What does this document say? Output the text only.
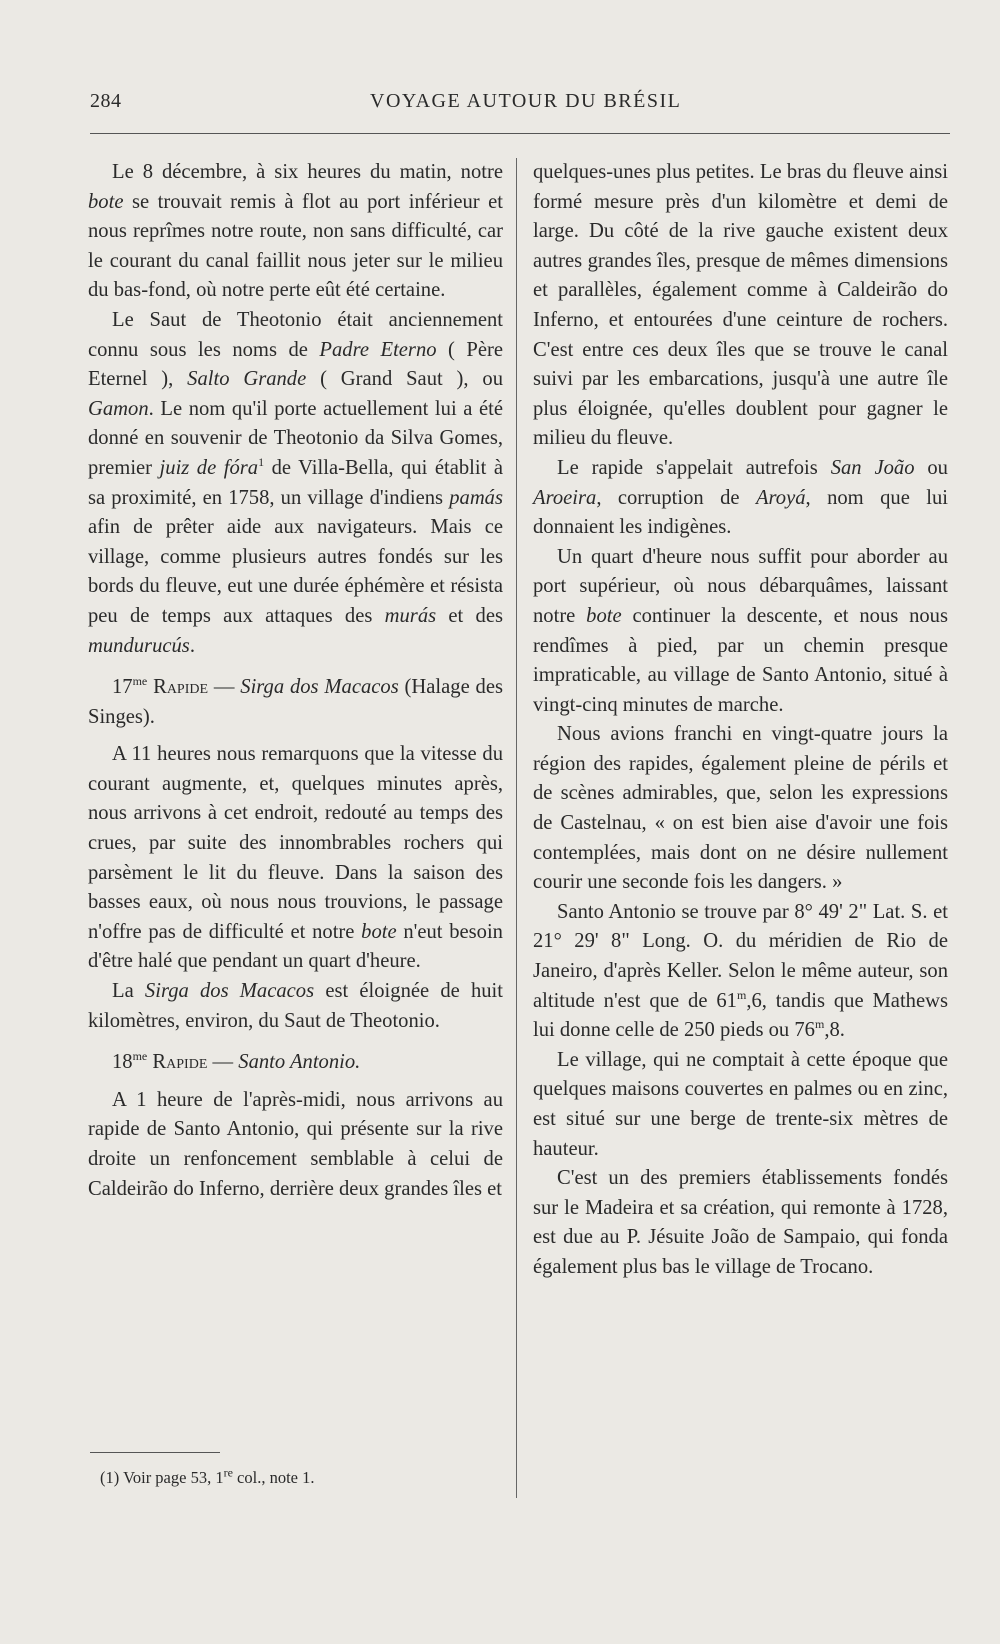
284	VOYAGE AUTOUR DU BRÉSIL

Le 8 décembre, à six heures du matin, notre bote se trouvait remis à flot au port inférieur et nous reprîmes notre route, non sans difficulté, car le courant du canal faillit nous jeter sur le milieu du bas-fond, où notre perte eût été certaine.

Le Saut de Theotonio était anciennement connu sous les noms de Padre Eterno ( Père Eternel ), Salto Grande ( Grand Saut ), ou Gamon. Le nom qu'il porte actuellement lui a été donné en souvenir de Theotonio da Silva Gomes, premier juiz de fóra$^1$ de Villa-Bella, qui établit à sa proximité, en 1758, un village d'indiens pamás afin de prêter aide aux navigateurs. Mais ce village, comme plusieurs autres fondés sur les bords du fleuve, eut une durée éphémère et résista peu de temps aux attaques des murás et des mundurucús.

$17^{me}$ Rapide — Sirga dos Macacos (Halage des Singes).

A 11 heures nous remarquons que la vitesse du courant augmente, et, quelques minutes après, nous arrivons à cet endroit, redouté au temps des crues, par suite des innombrables rochers qui parsèment le lit du fleuve. Dans la saison des basses eaux, où nous nous trouvions, le passage n'offre pas de difficulté et notre bote n'eut besoin d'être halé que pendant un quart d'heure.

La Sirga dos Macacos est éloignée de huit kilomètres, environ, du Saut de Theotonio.

$18^{me}$ Rapide — Santo Antonio.

A 1 heure de l'après-midi, nous arrivons au rapide de Santo Antonio, qui présente sur la rive droite un renfoncement semblable à celui de Caldeirão do Inferno, derrière deux grandes îles et

quelques-unes plus petites. Le bras du fleuve ainsi formé mesure près d'un kilomètre et demi de large. Du côté de la rive gauche existent deux autres grandes îles, presque de mêmes dimensions et parallèles, également comme à Caldeirão do Inferno, et entourées d'une ceinture de rochers. C'est entre ces deux îles que se trouve le canal suivi par les embarcations, jusqu'à une autre île plus éloignée, qu'elles doublent pour gagner le milieu du fleuve.

Le rapide s'appelait autrefois San João ou Aroeira, corruption de Aroyá, nom que lui donnaient les indigènes.

Un quart d'heure nous suffit pour aborder au port supérieur, où nous débarquâmes, laissant notre bote continuer la descente, et nous nous rendîmes à pied, par un chemin presque impraticable, au village de Santo Antonio, situé à vingt-cinq minutes de marche.

Nous avions franchi en vingt-quatre jours la région des rapides, également pleine de périls et de scènes admirables, que, selon les expressions de Castelnau, « on est bien aise d'avoir une fois contemplées, mais dont on ne désire nullement courir une seconde fois les dangers. »

Santo Antonio se trouve par 8° 49' 2" Lat. S. et 21° 29' 8" Long. O. du méridien de Rio de Janeiro, d'après Keller. Selon le même auteur, son altitude n'est que de 61$^m$,6, tandis que Mathews lui donne celle de 250 pieds ou 76$^m$,8.

Le village, qui ne comptait à cette époque que quelques maisons couvertes en palmes ou en zinc, est situé sur une berge de trente-six mètres de hauteur.

C'est un des premiers établissements fondés sur le Madeira et sa création, qui remonte à 1728, est due au P. Jésuite João de Sampaio, qui fonda également plus bas le village de Trocano.

(1) Voir page 53, 1re col., note 1.
